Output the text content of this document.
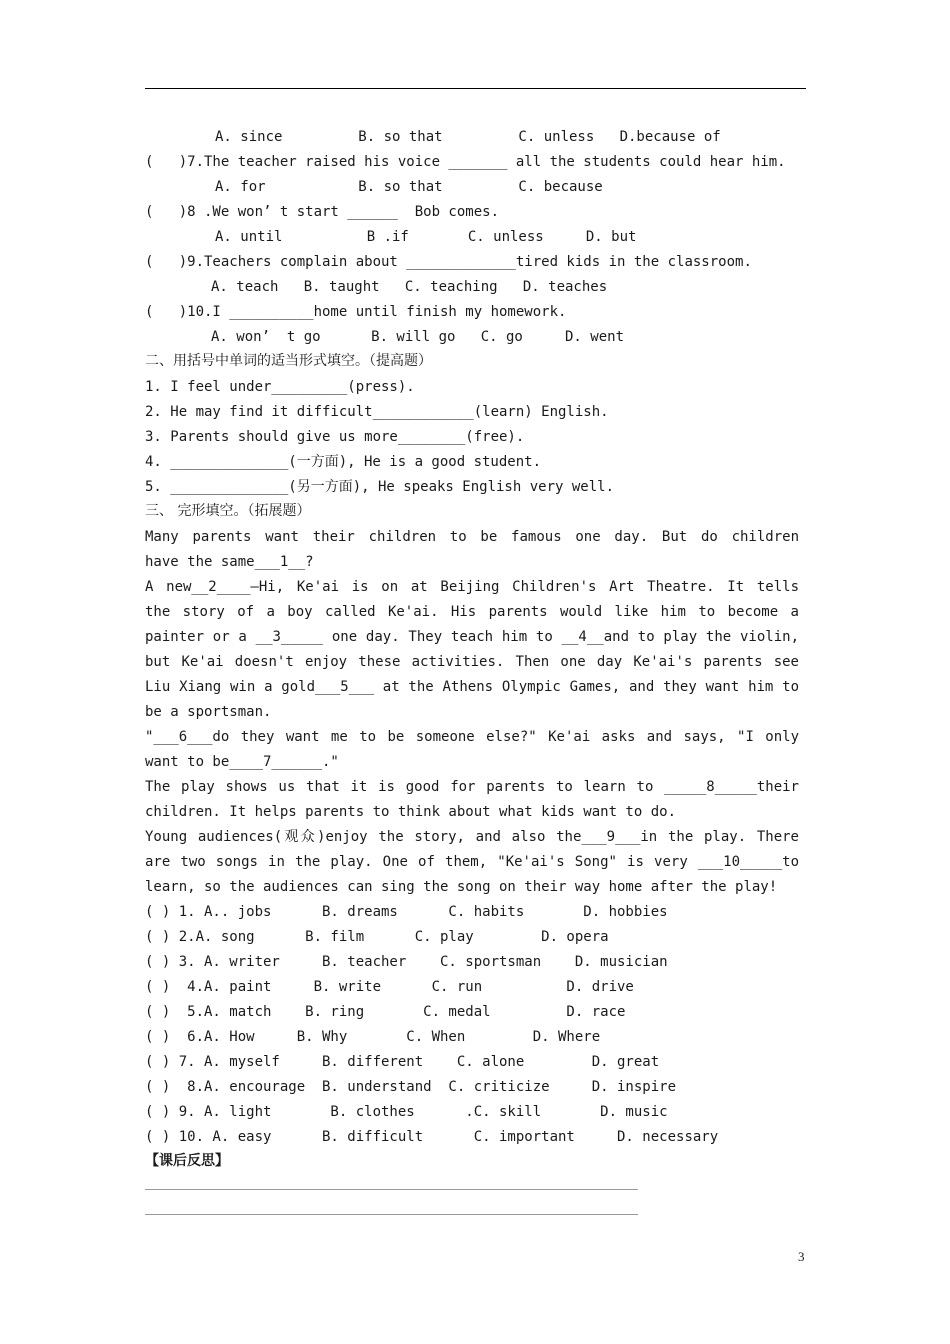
A. since         B. so that         C. unless   D.because of
(   )7.The teacher raised his voice _______ all the students could hear him.
A. for           B. so that         C. because
(   )8 .We won’ t start ______  Bob comes.
A. until          B .if       C. unless     D. but
(   )9.Teachers complain about _____________tired kids in the classroom.
A. teach   B. taught   C. teaching   D. teaches
(   )10.I __________home until finish my homework.
A. won’  t go      B. will go   C. go     D. went
二、用括号中单词的适当形式填空。（提高题）
1. I feel under_________(press).
2. He may find it difficult____________(learn) English.
3. Parents should give us more________(free).
4. ______________(一方面), He is a good student.
5. ______________(另一方面), He speaks English very well.
三、 完形填空。（拓展题）
Many parents want their children to be famous one day. But do children
have the same___1__?
A new__2____—Hi, Ke'ai is on at Beijing Children's Art Theatre. It tells
the story of a boy called Ke'ai. His parents would like him to become a
painter or a __3_____ one day. They teach him to __4__and to play the violin,
but Ke'ai doesn't enjoy these activities. Then one day Ke'ai's parents see
Liu Xiang win a gold___5___ at the Athens Olympic Games, and they want him to
be a sportsman.
"___6___do they want me to be someone else?" Ke'ai asks and says, "I only
want to be____7______."
The play shows us that it is good for parents to learn to _____8_____their
children. It helps parents to think about what kids want to do.
Young audiences(观众)enjoy the story, and also the___9___in the play. There
are two songs in the play. One of them, "Ke'ai's Song" is very ___10_____to
learn, so the audiences can sing the song on their way home after the play!
( ) 1. A.. jobs      B. dreams      C. habits       D. hobbies
( ) 2.A. song      B. film      C. play        D. opera
( ) 3. A. writer     B. teacher    C. sportsman    D. musician
( )  4.A. paint     B. write      C. run          D. drive
( )  5.A. match    B. ring       C. medal         D. race
( )  6.A. How     B. Why       C. When        D. Where
( ) 7. A. myself     B. different    C. alone        D. great
( )  8.A. encourage  B. understand  C. criticize     D. inspire
( ) 9. A. light       B. clothes      .C. skill       D. music
( ) 10. A. easy      B. difficult      C. important     D. necessary
【课后反思】
3
